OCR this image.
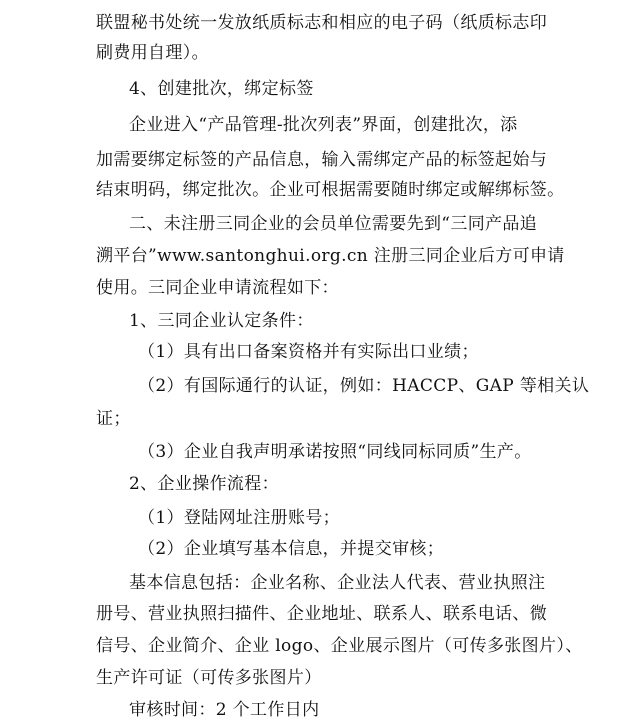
联盟秘书处统一发放纸质标志和相应的电子码（纸质标志印
刷费用自理）。
4、创建批次，绑定标签
企业进入“产品管理-批次列表”界面，创建批次，添
加需要绑定标签的产品信息，输入需绑定产品的标签起始与
结束明码，绑定批次。企业可根据需要随时绑定或解绑标签。
二、未注册三同企业的会员单位需要先到“三同产品追
溯平台”www.santonghui.org.cn 注册三同企业后方可申请
使用。三同企业申请流程如下：
1、三同企业认定条件：
（1）具有出口备案资格并有实际出口业绩；
（2）有国际通行的认证，例如：HACCP、GAP 等相关认
证；
（3）企业自我声明承诺按照“同线同标同质”生产。
2、企业操作流程：
（1）登陆网址注册账号；
（2）企业填写基本信息，并提交审核；
基本信息包括：企业名称、企业法人代表、营业执照注
册号、营业执照扫描件、企业地址、联系人、联系电话、微
信号、企业简介、企业 logo、企业展示图片（可传多张图片）、
生产许可证（可传多张图片）
审核时间：2 个工作日内
